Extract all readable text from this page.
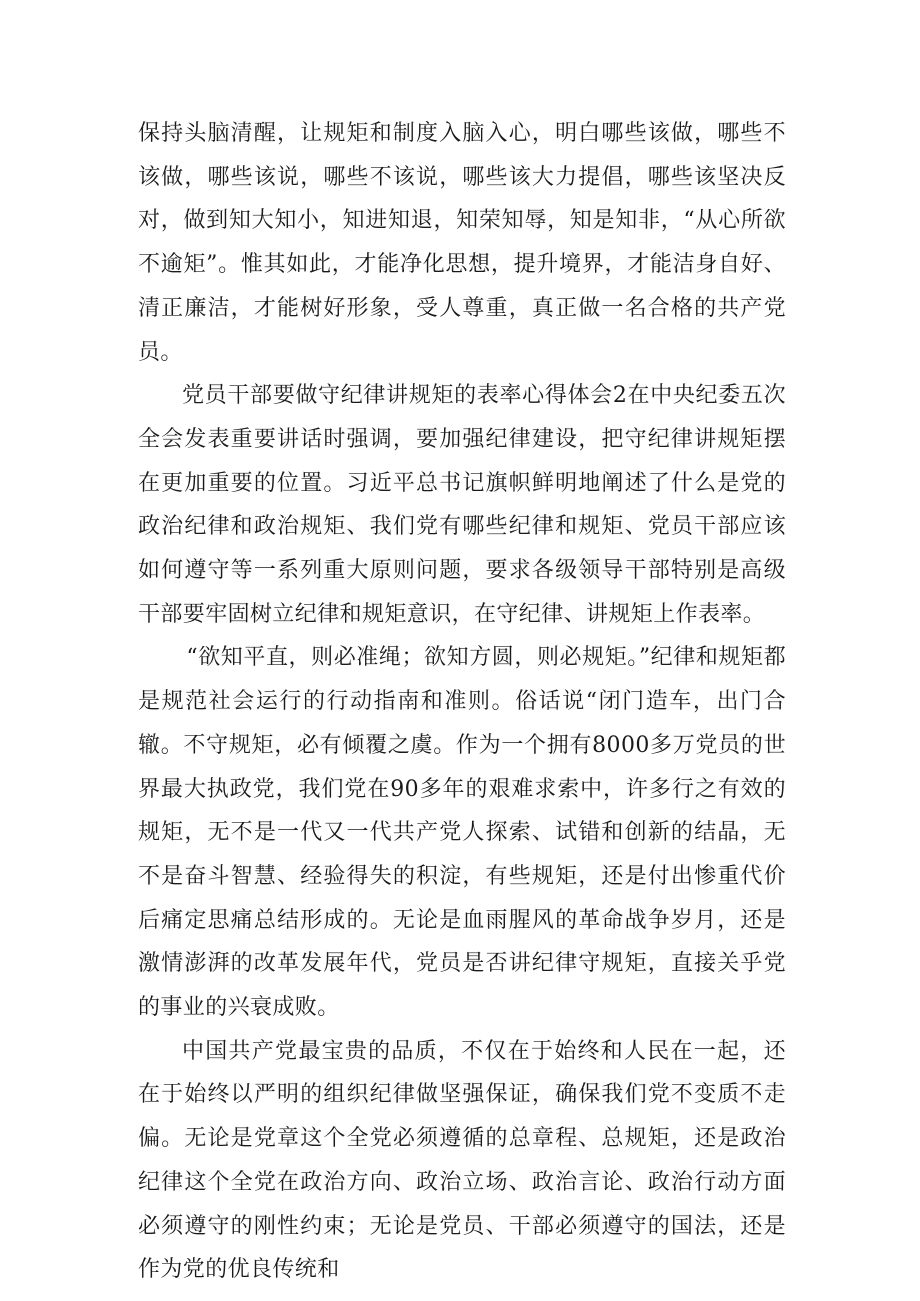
保持头脑清醒，让规矩和制度入脑入心，明白哪些该做，哪些不该做，哪些该说，哪些不该说，哪些该大力提倡，哪些该坚决反对，做到知大知小，知进知退，知荣知辱，知是知非，“从心所欲不逾矩”。惟其如此，才能净化思想，提升境界，才能洁身自好、清正廉洁，才能树好形象，受人尊重，真正做一名合格的共产党员。

党员干部要做守纪律讲规矩的表率心得体会2在中央纪委五次全会发表重要讲话时强调，要加强纪律建设，把守纪律讲规矩摆在更加重要的位置。习近平总书记旗帜鲜明地阐述了什么是党的政治纪律和政治规矩、我们党有哪些纪律和规矩、党员干部应该如何遵守等一系列重大原则问题，要求各级领导干部特别是高级干部要牢固树立纪律和规矩意识，在守纪律、讲规矩上作表率。

“欲知平直，则必准绳；欲知方圆，则必规矩。”纪律和规矩都是规范社会运行的行动指南和准则。俗话说“闭门造车，出门合辙。不守规矩，必有倾覆之虞。作为一个拥有8000多万党员的世界最大执政党，我们党在90多年的艰难求索中，许多行之有效的规矩，无不是一代又一代共产党人探索、试错和创新的结晶，无不是奋斗智慧、经验得失的积淀，有些规矩，还是付出惨重代价后痛定思痛总结形成的。无论是血雨腥风的革命战争岁月，还是激情澎湃的改革发展年代，党员是否讲纪律守规矩，直接关乎党的事业的兴衰成败。

中国共产党最宝贵的品质，不仅在于始终和人民在一起，还在于始终以严明的组织纪律做坚强保证，确保我们党不变质不走偏。无论是党章这个全党必须遵循的总章程、总规矩，还是政治纪律这个全党在政治方向、政治立场、政治言论、政治行动方面必须遵守的刚性约束；无论是党员、干部必须遵守的国法，还是作为党的优良传统和
